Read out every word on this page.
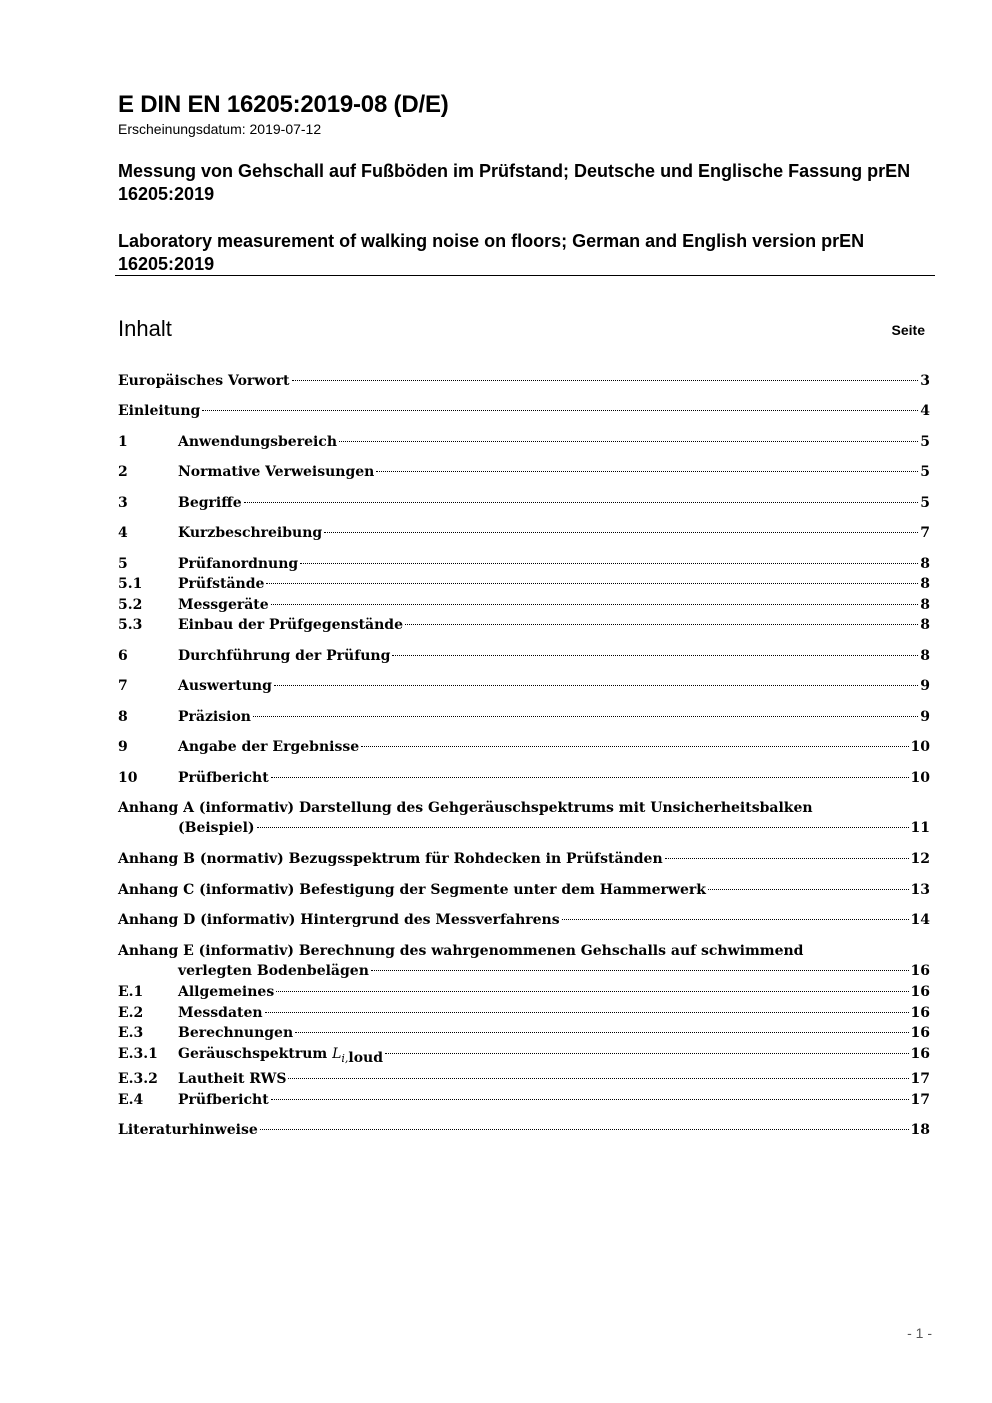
E DIN EN 16205:2019-08 (D/E)
Erscheinungsdatum: 2019-07-12
Messung von Gehschall auf Fußböden im Prüfstand; Deutsche und Englische Fassung prEN 16205:2019
Laboratory measurement of walking noise on floors; German and English version prEN 16205:2019
Inhalt	Seite
Europäisches Vorwort	3
Einleitung	4
1	Anwendungsbereich	5
2	Normative Verweisungen	5
3	Begriffe	5
4	Kurzbeschreibung	7
5	Prüfanordnung	8
5.1	Prüfstände	8
5.2	Messgeräte	8
5.3	Einbau der Prüfgegenstände	8
6	Durchführung der Prüfung	8
7	Auswertung	9
8	Präzision	9
9	Angabe der Ergebnisse	10
10	Prüfbericht	10
Anhang A (informativ) Darstellung des Gehgeräuschspektrums mit Unsicherheitsbalken
(Beispiel)	11
Anhang B (normativ) Bezugsspektrum für Rohdecken in Prüfständen	12
Anhang C (informativ) Befestigung der Segmente unter dem Hammerwerk	13
Anhang D (informativ) Hintergrund des Messverfahrens	14
Anhang E (informativ) Berechnung des wahrgenommenen Gehschalls auf schwimmend
verlegten Bodenbelägen	16
E.1	Allgemeines	16
E.2	Messdaten	16
E.3	Berechnungen	16
E.3.1	Geräuschspektrum $L_{i,loud}$	16
E.3.2	Lautheit RWS	17
E.4	Prüfbericht	17
Literaturhinweise	18
- 1 -
